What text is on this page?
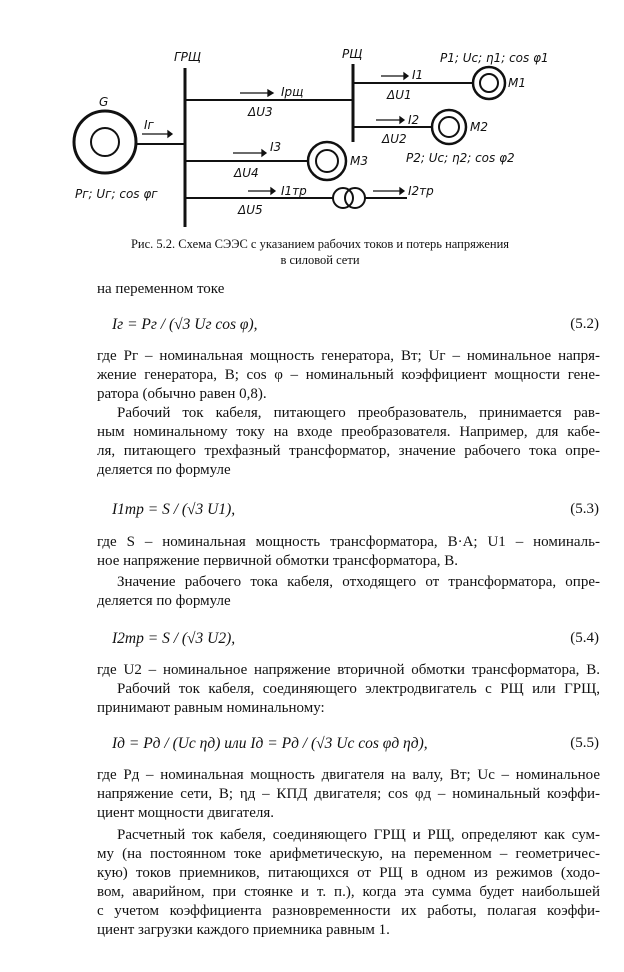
ГРЩ	РЩ
G
Iг
Pг; Uг; cos φг
Iрщ
ΔU3
I1
ΔU1
M1
P1; Uc; η1; cos φ1
I2
ΔU2
M2
P2; Uc; η2; cos φ2
I3
ΔU4
M3
I1тр
ΔU5
I2тр
Рис. 5.2. Схема СЭЭС с указанием рабочих токов и потерь напряжения
в силовой сети
на переменном токе
Iг = Pг / (√3 Uг cos φ),	(5.2)
где Pг – номинальная мощность генератора, Вт; Uг – номинальное напря-
жение генератора, В; cos φ – номинальный коэффициент мощности гене-
ратора (обычно равен 0,8).
Рабочий ток кабеля, питающего преобразователь, принимается рав-
ным номинальному току на входе преобразователя. Например, для кабе-
ля, питающего трехфазный трансформатор, значение рабочего тока опре-
деляется по формуле
I1тр = S / (√3 U1),	(5.3)
где S – номинальная мощность трансформатора, В·А; U1 – номиналь-
ное напряжение первичной обмотки трансформатора, В.
Значение рабочего тока кабеля, отходящего от трансформатора, опре-
деляется по формуле
I2тр = S / (√3 U2),	(5.4)
где U2 – номинальное напряжение вторичной обмотки трансформатора, В.
Рабочий ток кабеля, соединяющего электродвигатель с РЩ или ГРЩ,
принимают равным номинальному:
Iд = Pд / (Uc ηд) или Iд = Pд / (√3 Uc cos φд ηд),	(5.5)
где Pд – номинальная мощность двигателя на валу, Вт; Uc – номинальное
напряжение сети, В; ηд – КПД двигателя; cos φд – номинальный коэффи-
циент мощности двигателя.
Расчетный ток кабеля, соединяющего ГРЩ и РЩ, определяют как сум-
му (на постоянном токе арифметическую, на переменном – геометричес-
кую) токов приемников, питающихся от РЩ в одном из режимов (ходо-
вом, аварийном, при стоянке и т. п.), когда эта сумма будет наибольшей
с учетом коэффициента разновременности их работы, полагая коэффи-
циент загрузки каждого приемника равным 1.
